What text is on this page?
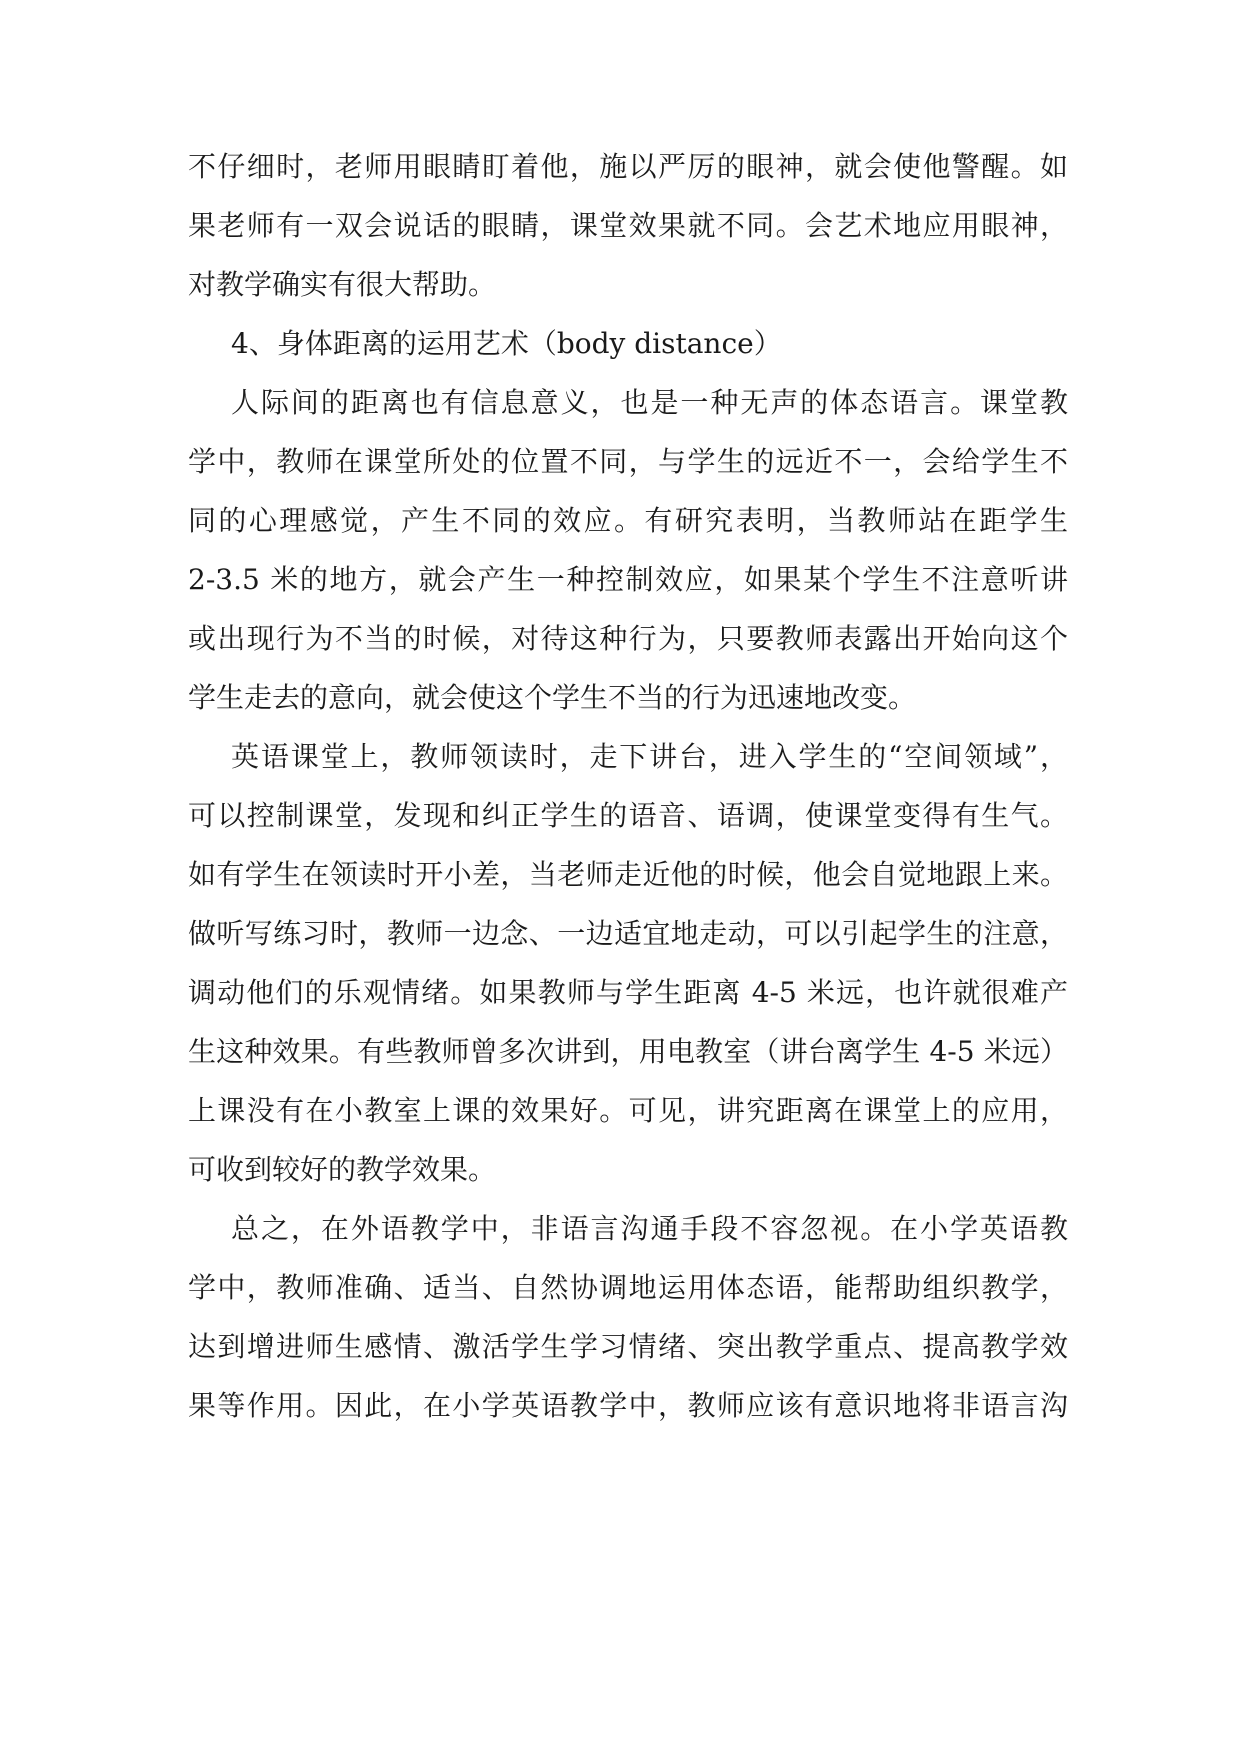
不仔细时，老师用眼睛盯着他，施以严厉的眼神，就会使他警醒。如
果老师有一双会说话的眼睛，课堂效果就不同。会艺术地应用眼神，
对教学确实有很大帮助。
4、身体距离的运用艺术（body distance）
人际间的距离也有信息意义，也是一种无声的体态语言。课堂教
学中，教师在课堂所处的位置不同，与学生的远近不一，会给学生不
同的心理感觉，产生不同的效应。有研究表明，当教师站在距学生
2-3.5 米的地方，就会产生一种控制效应，如果某个学生不注意听讲
或出现行为不当的时候，对待这种行为，只要教师表露出开始向这个
学生走去的意向，就会使这个学生不当的行为迅速地改变。
英语课堂上，教师领读时，走下讲台，进入学生的“空间领域”，
可以控制课堂，发现和纠正学生的语音、语调，使课堂变得有生气。
如有学生在领读时开小差，当老师走近他的时候，他会自觉地跟上来。
做听写练习时，教师一边念、一边适宜地走动，可以引起学生的注意，
调动他们的乐观情绪。如果教师与学生距离 4-5 米远，也许就很难产
生这种效果。有些教师曾多次讲到，用电教室（讲台离学生 4-5 米远）
上课没有在小教室上课的效果好。可见，讲究距离在课堂上的应用，
可收到较好的教学效果。
总之，在外语教学中，非语言沟通手段不容忽视。在小学英语教
学中，教师准确、适当、自然协调地运用体态语，能帮助组织教学，
达到增进师生感情、激活学生学习情绪、突出教学重点、提高教学效
果等作用。因此，在小学英语教学中，教师应该有意识地将非语言沟
